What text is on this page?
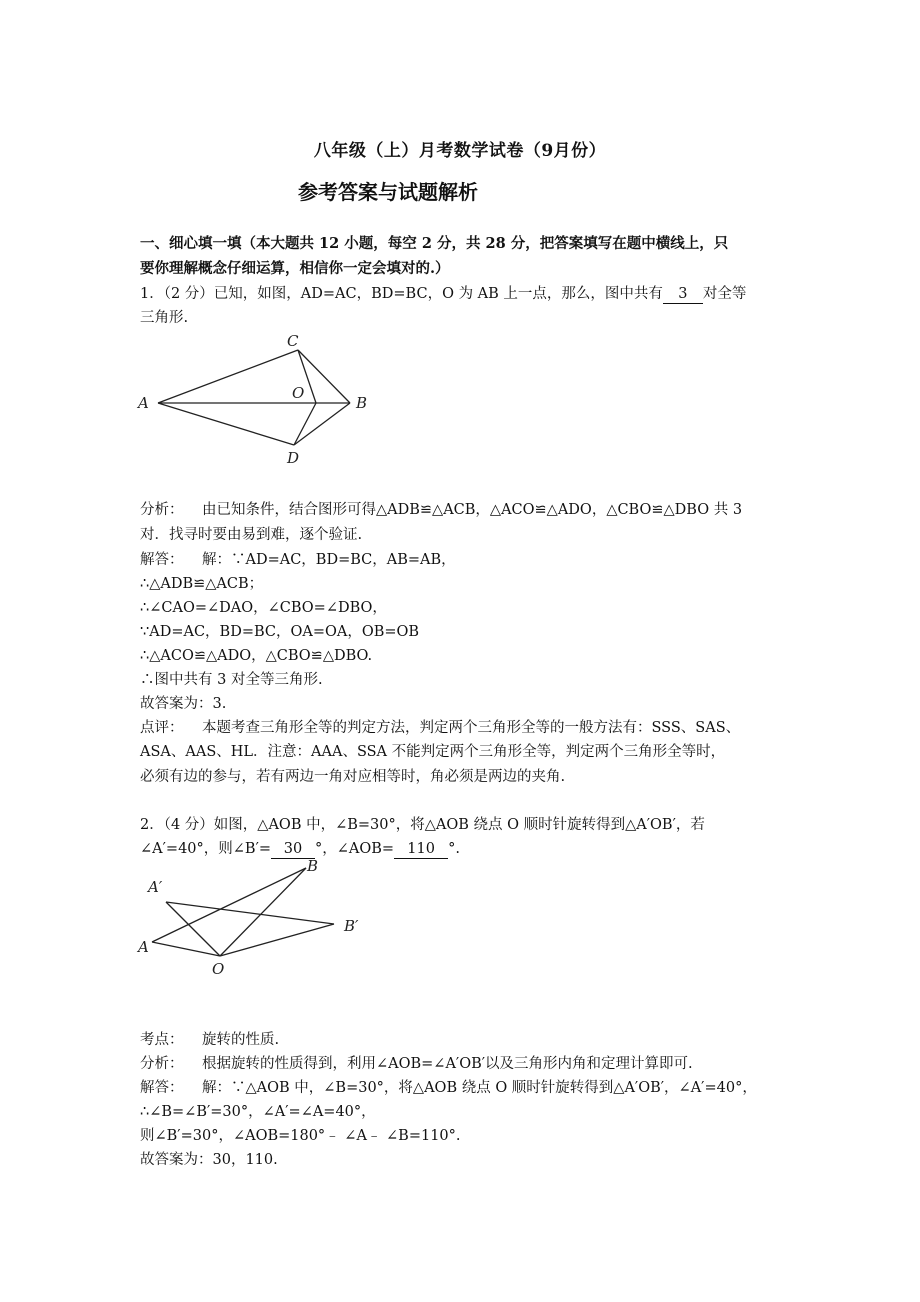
八年级（上）月考数学试卷（9月份）
参考答案与试题解析
一、细心填一填（本大题共 12 小题，每空 2 分，共 28 分，把答案填写在题中横线上，只
要你理解概念仔细运算，相信你一定会填对的.）
1．（2 分）已知，如图，AD=AC，BD=BC，O 为 AB 上一点，那么，图中共有 3 对全等
三角形.
A
C
O
B
D
分析： 由已知条件，结合图形可得△ADB≌△ACB，△ACO≌△ADO，△CBO≌△DBO 共 3
对．找寻时要由易到难，逐个验证.
解答： 解：∵AD=AC，BD=BC，AB=AB，
∴△ADB≌△ACB；
∴∠CAO=∠DAO，∠CBO=∠DBO，
∵AD=AC，BD=BC，OA=OA，OB=OB
∴△ACO≌△ADO，△CBO≌△DBO.
∴图中共有 3 对全等三角形.
故答案为：3.
点评： 本题考查三角形全等的判定方法，判定两个三角形全等的一般方法有：SSS、SAS、
ASA、AAS、HL．注意：AAA、SSA 不能判定两个三角形全等，判定两个三角形全等时，
必须有边的参与，若有两边一角对应相等时，角必须是两边的夹角.
2．（4 分）如图，△AOB 中，∠B=30°，将△AOB 绕点 O 顺时针旋转得到△A′OB′，若
∠A′=40°，则∠B′= 30 °，∠AOB= 110 °.
A′
B
B′
A
O
考点： 旋转的性质.
分析： 根据旋转的性质得到，利用∠AOB=∠A′OB′以及三角形内角和定理计算即可.
解答： 解：∵△AOB 中，∠B=30°，将△AOB 绕点 O 顺时针旋转得到△A′OB′，∠A′=40°，
∴∠B=∠B′=30°，∠A′=∠A=40°，
则∠B′=30°，∠AOB=180°﹣ ∠A﹣ ∠B=110°.
故答案为：30，110.
